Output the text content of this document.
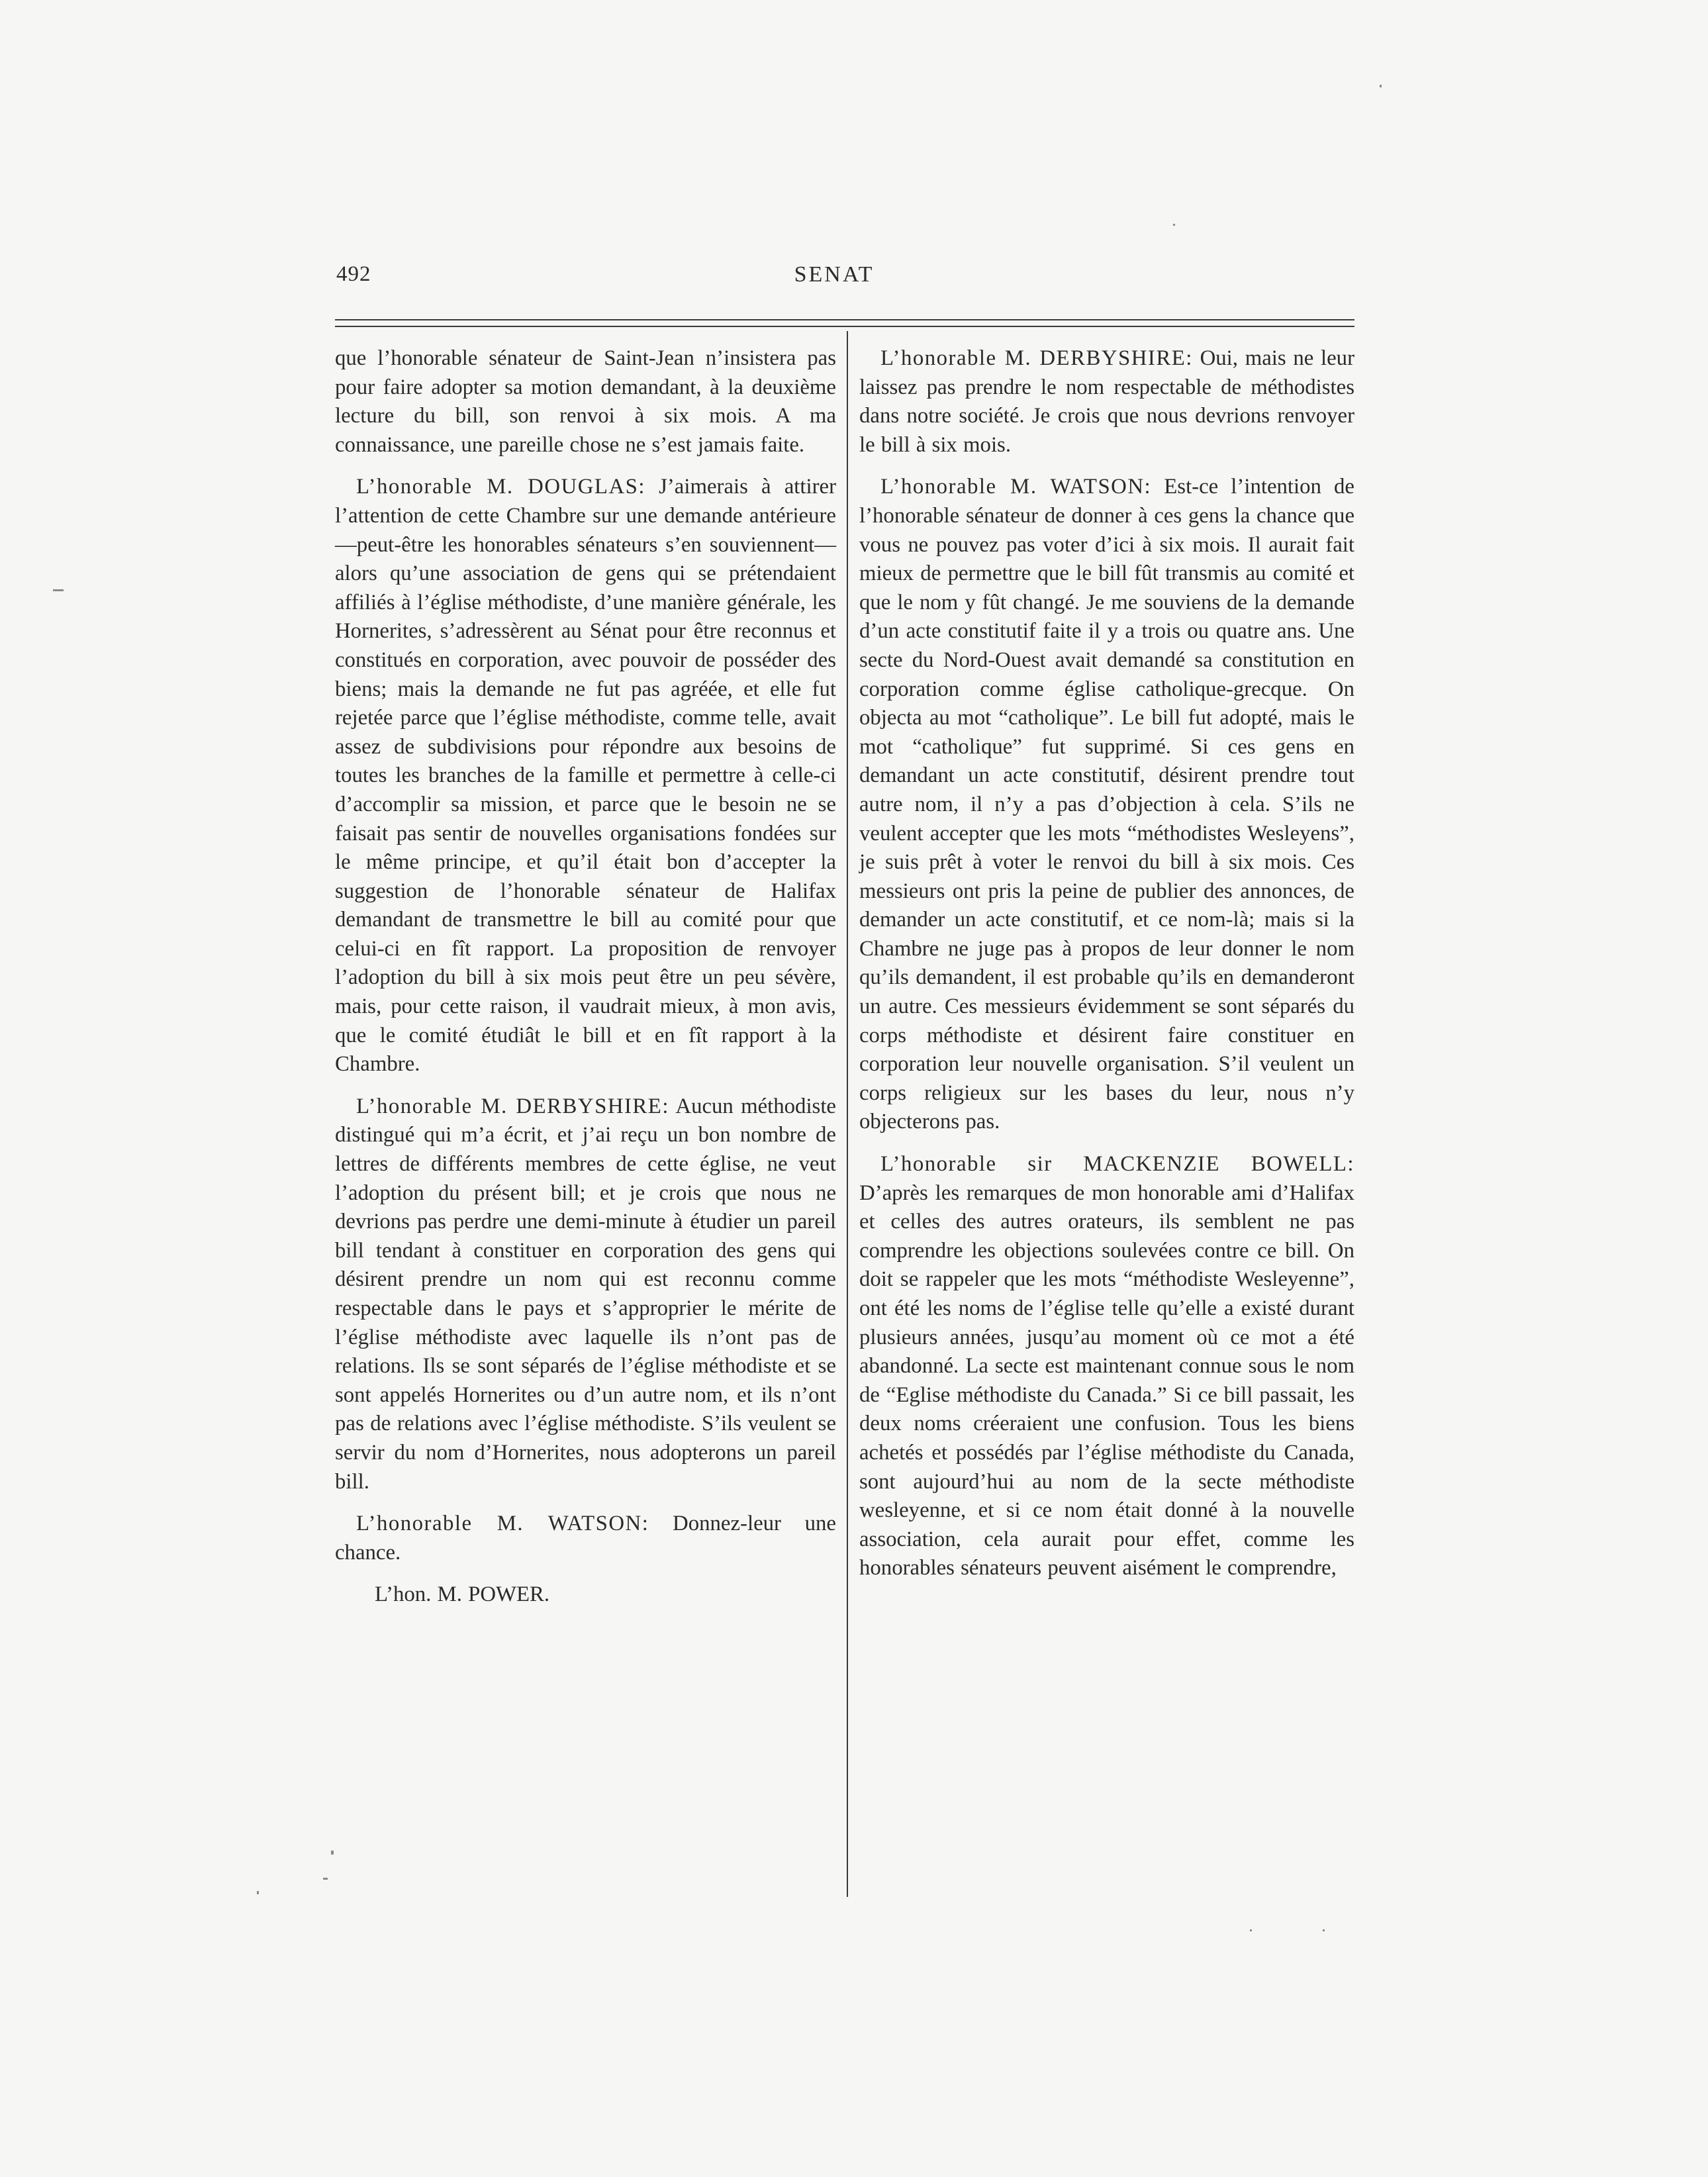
492	SENAT

que l’honorable sénateur de Saint-Jean n’insistera pas pour faire adopter sa motion demandant, à la deuxième lecture du bill, son renvoi à six mois. A ma connaissance, une pareille chose ne s’est jamais faite.

L’honorable M. DOUGLAS: J’aimerais à attirer l’attention de cette Chambre sur une demande antérieure—peut-être les honorables sénateurs s’en souviennent—alors qu’une association de gens qui se prétendaient affiliés à l’église méthodiste, d’une manière générale, les Hornerites, s’adressèrent au Sénat pour être reconnus et constitués en corporation, avec pouvoir de posséder des biens; mais la demande ne fut pas agréée, et elle fut rejetée parce que l’église méthodiste, comme telle, avait assez de subdivisions pour répondre aux besoins de toutes les branches de la famille et permettre à celle-ci d’accomplir sa mission, et parce que le besoin ne se faisait pas sentir de nouvelles organisations fondées sur le même principe, et qu’il était bon d’accepter la suggestion de l’honorable sénateur de Halifax demandant de transmettre le bill au comité pour que celui-ci en fît rapport. La proposition de renvoyer l’adoption du bill à six mois peut être un peu sévère, mais, pour cette raison, il vaudrait mieux, à mon avis, que le comité étudiât le bill et en fît rapport à la Chambre.

L’honorable M. DERBYSHIRE: Aucun méthodiste distingué qui m’a écrit, et j’ai reçu un bon nombre de lettres de différents membres de cette église, ne veut l’adoption du présent bill; et je crois que nous ne devrions pas perdre une demi-minute à étudier un pareil bill tendant à constituer en corporation des gens qui désirent prendre un nom qui est reconnu comme respectable dans le pays et s’approprier le mérite de l’église méthodiste avec laquelle ils n’ont pas de relations. Ils se sont séparés de l’église méthodiste et se sont appelés Hornerites ou d’un autre nom, et ils n’ont pas de relations avec l’église méthodiste. S’ils veulent se servir du nom d’Hornerites, nous adopterons un pareil bill.

L’honorable M. WATSON: Donnez-leur une chance.

L’hon. M. POWER.

L’honorable M. DERBYSHIRE: Oui, mais ne leur laissez pas prendre le nom respectable de méthodistes dans notre société. Je crois que nous devrions renvoyer le bill à six mois.

L’honorable M. WATSON: Est-ce l’intention de l’honorable sénateur de donner à ces gens la chance que vous ne pouvez pas voter d’ici à six mois. Il aurait fait mieux de permettre que le bill fût transmis au comité et que le nom y fût changé. Je me souviens de la demande d’un acte constitutif faite il y a trois ou quatre ans. Une secte du Nord-Ouest avait demandé sa constitution en corporation comme église catholique-grecque. On objecta au mot “catholique”. Le bill fut adopté, mais le mot “catholique” fut supprimé. Si ces gens en demandant un acte constitutif, désirent prendre tout autre nom, il n’y a pas d’objection à cela. S’ils ne veulent accepter que les mots “méthodistes Wesleyens”, je suis prêt à voter le renvoi du bill à six mois. Ces messieurs ont pris la peine de publier des annonces, de demander un acte constitutif, et ce nom-là; mais si la Chambre ne juge pas à propos de leur donner le nom qu’ils demandent, il est probable qu’ils en demanderont un autre. Ces messieurs évidemment se sont séparés du corps méthodiste et désirent faire constituer en corporation leur nouvelle organisation. S’il veulent un corps religieux sur les bases du leur, nous n’y objecterons pas.

L’honorable sir MACKENZIE BOWELL: D’après les remarques de mon honorable ami d’Halifax et celles des autres orateurs, ils semblent ne pas comprendre les objections soulevées contre ce bill. On doit se rappeler que les mots “méthodiste Wesleyenne”, ont été les noms de l’église telle qu’elle a existé durant plusieurs années, jusqu’au moment où ce mot a été abandonné. La secte est maintenant connue sous le nom de “Eglise méthodiste du Canada.” Si ce bill passait, les deux noms créeraient une confusion. Tous les biens achetés et possédés par l’église méthodiste du Canada, sont aujourd’hui au nom de la secte méthodiste wesleyenne, et si ce nom était donné à la nouvelle association, cela aurait pour effet, comme les honorables sénateurs peuvent aisément le comprendre,
